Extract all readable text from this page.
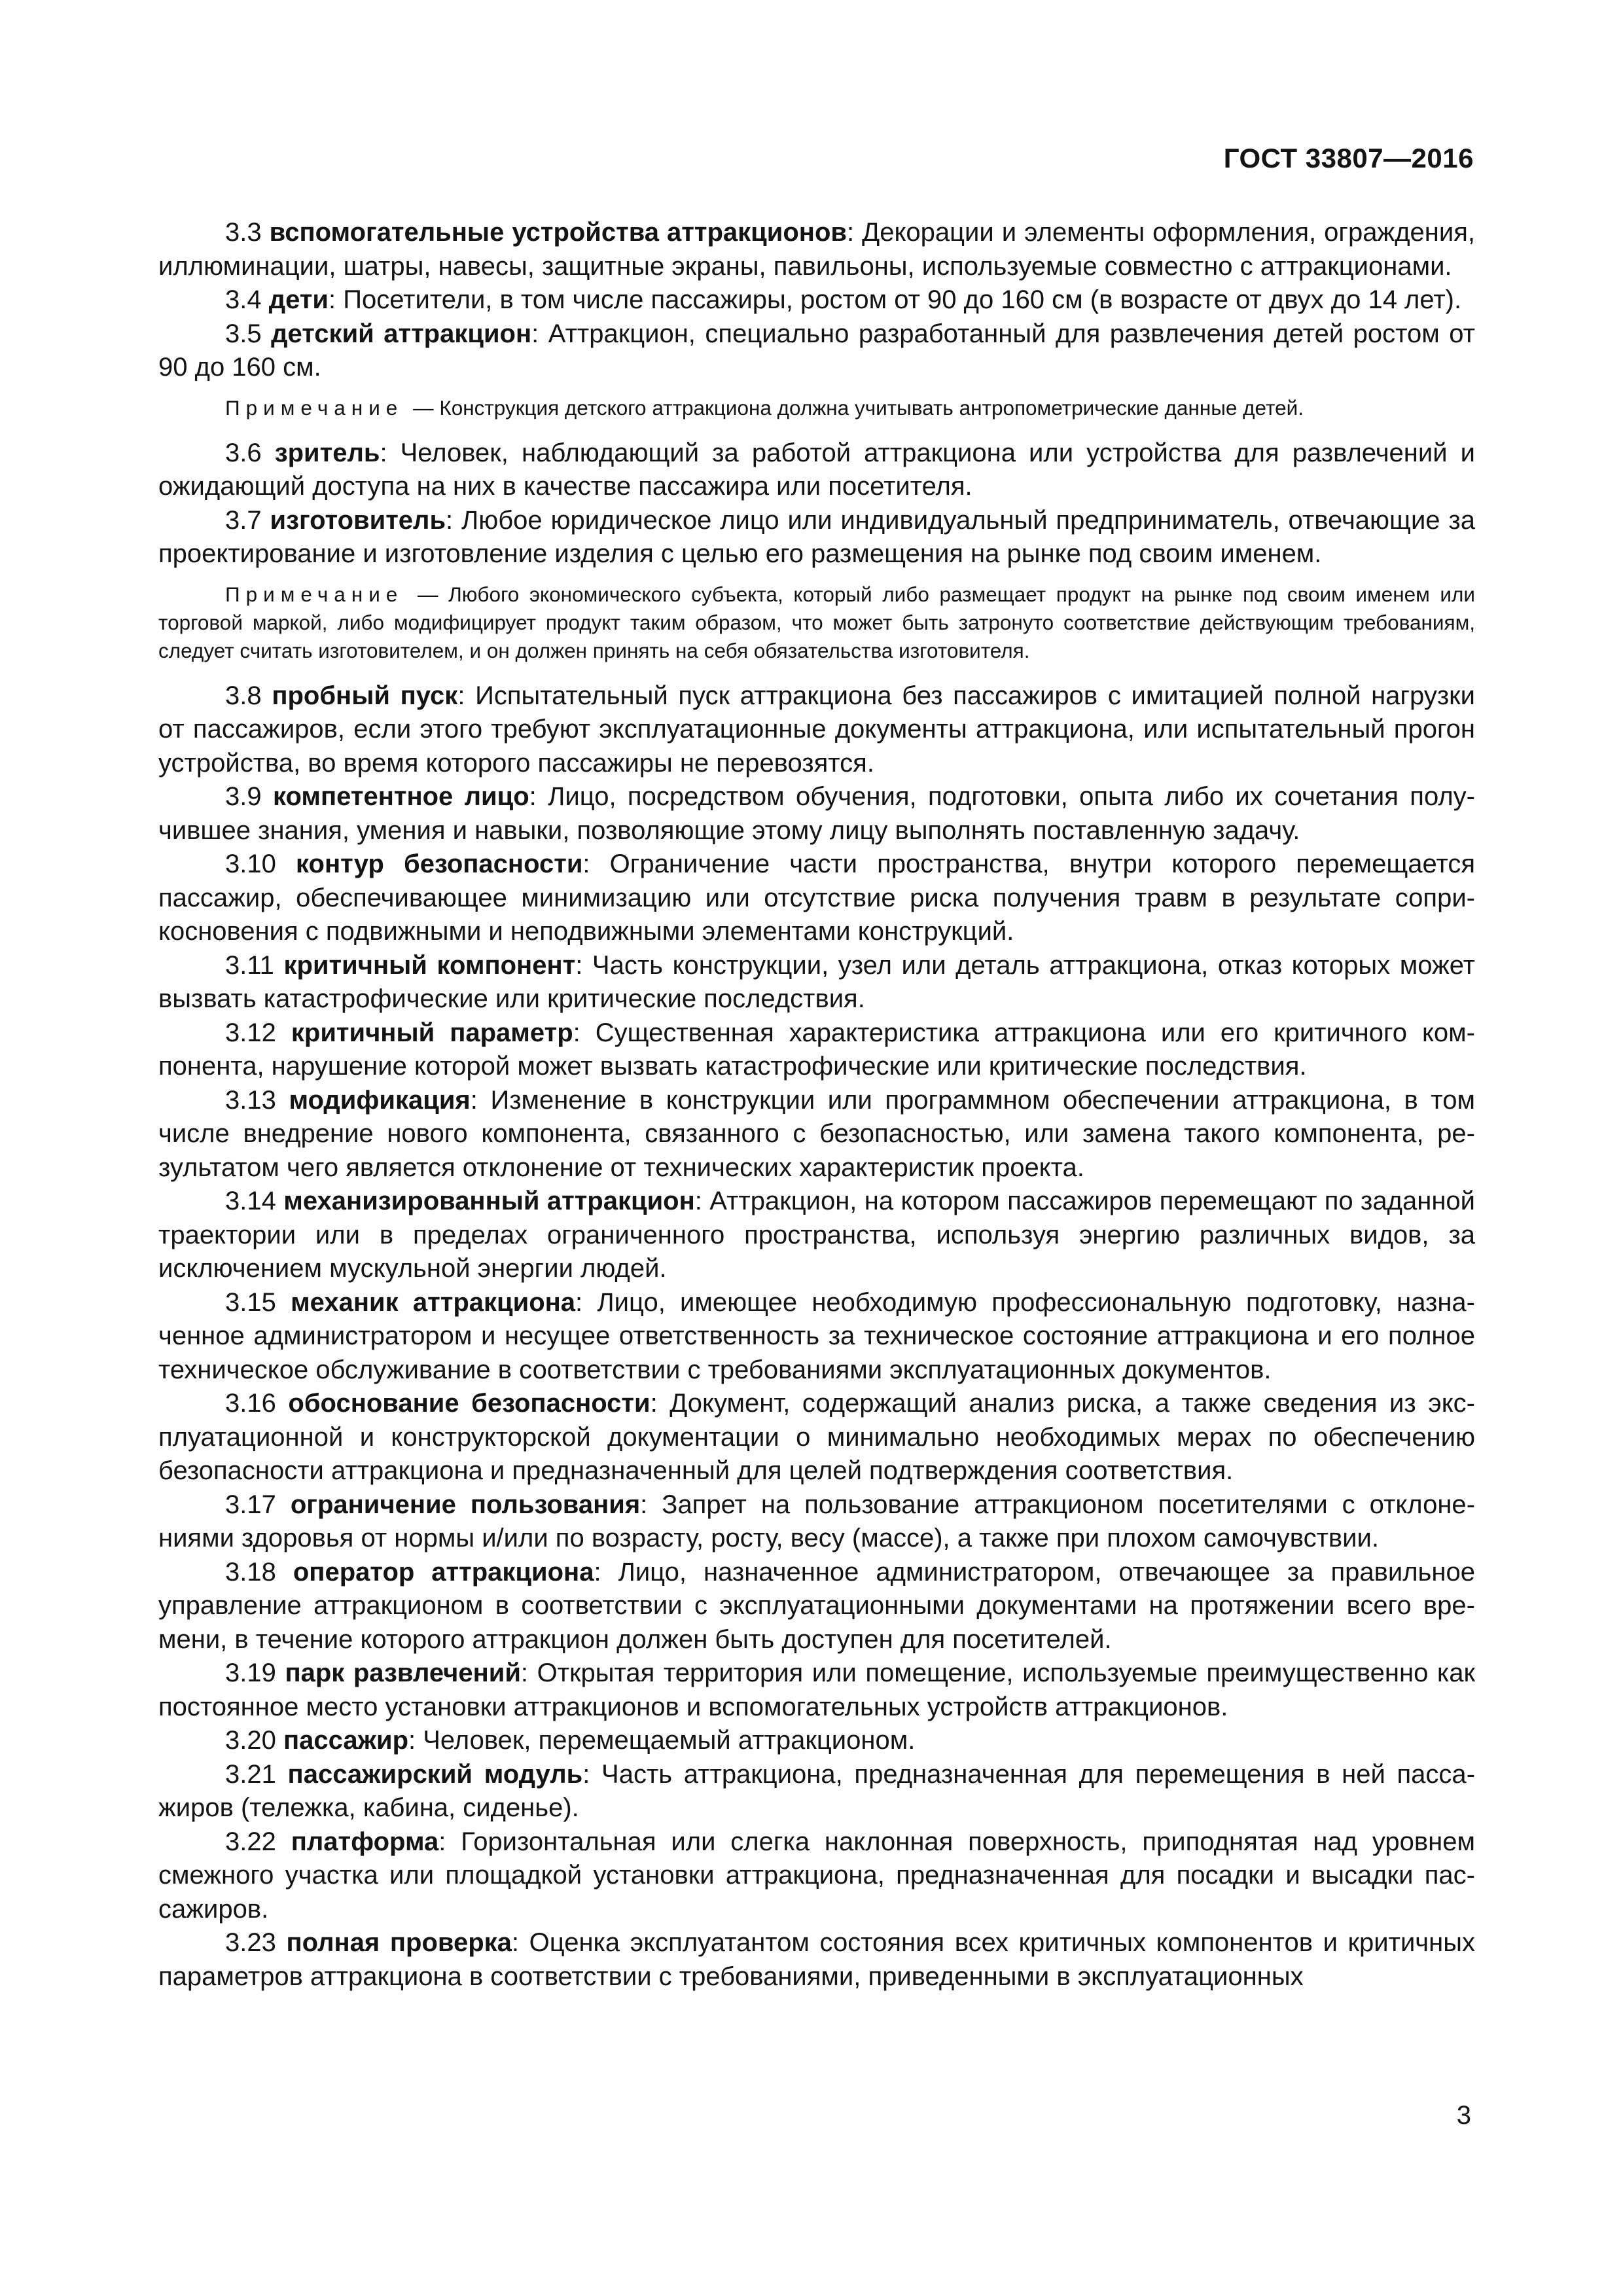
ГОСТ 33807—2016

3.3 вспомогательные устройства аттракционов: Декорации и элементы оформления, ограждения, иллюминации, шатры, навесы, защитные экраны, павильоны, используемые совместно с аттракционами.

3.4 дети: Посетители, в том числе пассажиры, ростом от 90 до 160 см (в возрасте от двух до 14 лет).

3.5 детский аттракцион: Аттракцион, специально разработанный для развлечения детей ростом от 90 до 160 см.

Примечание — Конструкция детского аттракциона должна учитывать антропометрические данные детей.

3.6 зритель: Человек, наблюдающий за работой аттракциона или устройства для развлечений и ожидающий доступа на них в качестве пассажира или посетителя.

3.7 изготовитель: Любое юридическое лицо или индивидуальный предприниматель, отвечающие за проектирование и изготовление изделия с целью его размещения на рынке под своим именем.

Примечание — Любого экономического субъекта, который либо размещает продукт на рынке под своим именем или торговой маркой, либо модифицирует продукт таким образом, что может быть затронуто соответствие действующим требованиям, следует считать изготовителем, и он должен принять на себя обязательства изготовителя.

3.8 пробный пуск: Испытательный пуск аттракциона без пассажиров с имитацией полной нагрузки от пассажиров, если этого требуют эксплуатационные документы аттракциона, или испытательный прогон устройства, во время которого пассажиры не перевозятся.

3.9 компетентное лицо: Лицо, посредством обучения, подготовки, опыта либо их сочетания получившее знания, умения и навыки, позволяющие этому лицу выполнять поставленную задачу.

3.10 контур безопасности: Ограничение части пространства, внутри которого перемещается пассажир, обеспечивающее минимизацию или отсутствие риска получения травм в результате соприкосновения с подвижными и неподвижными элементами конструкций.

3.11 критичный компонент: Часть конструкции, узел или деталь аттракциона, отказ которых может вызвать катастрофические или критические последствия.

3.12 критичный параметр: Существенная характеристика аттракциона или его критичного компонента, нарушение которой может вызвать катастрофические или критические последствия.

3.13 модификация: Изменение в конструкции или программном обеспечении аттракциона, в том числе внедрение нового компонента, связанного с безопасностью, или замена такого компонента, результатом чего является отклонение от технических характеристик проекта.

3.14 механизированный аттракцион: Аттракцион, на котором пассажиров перемещают по заданной траектории или в пределах ограниченного пространства, используя энергию различных видов, за исключением мускульной энергии людей.

3.15 механик аттракциона: Лицо, имеющее необходимую профессиональную подготовку, назначенное администратором и несущее ответственность за техническое состояние аттракциона и его полное техническое обслуживание в соответствии с требованиями эксплуатационных документов.

3.16 обоснование безопасности: Документ, содержащий анализ риска, а также сведения из эксплуатационной и конструкторской документации о минимально необходимых мерах по обеспечению безопасности аттракциона и предназначенный для целей подтверждения соответствия.

3.17 ограничение пользования: Запрет на пользование аттракционом посетителями с отклонениями здоровья от нормы и/или по возрасту, росту, весу (массе), а также при плохом самочувствии.

3.18 оператор аттракциона: Лицо, назначенное администратором, отвечающее за правильное управление аттракционом в соответствии с эксплуатационными документами на протяжении всего времени, в течение которого аттракцион должен быть доступен для посетителей.

3.19 парк развлечений: Открытая территория или помещение, используемые преимущественно как постоянное место установки аттракционов и вспомогательных устройств аттракционов.

3.20 пассажир: Человек, перемещаемый аттракционом.

3.21 пассажирский модуль: Часть аттракциона, предназначенная для перемещения в ней пассажиров (тележка, кабина, сиденье).

3.22 платформа: Горизонтальная или слегка наклонная поверхность, приподнятая над уровнем смежного участка или площадкой установки аттракциона, предназначенная для посадки и высадки пассажиров.

3.23 полная проверка: Оценка эксплуатантом состояния всех критичных компонентов и критичных параметров аттракциона в соответствии с требованиями, приведенными в эксплуатационных

3
